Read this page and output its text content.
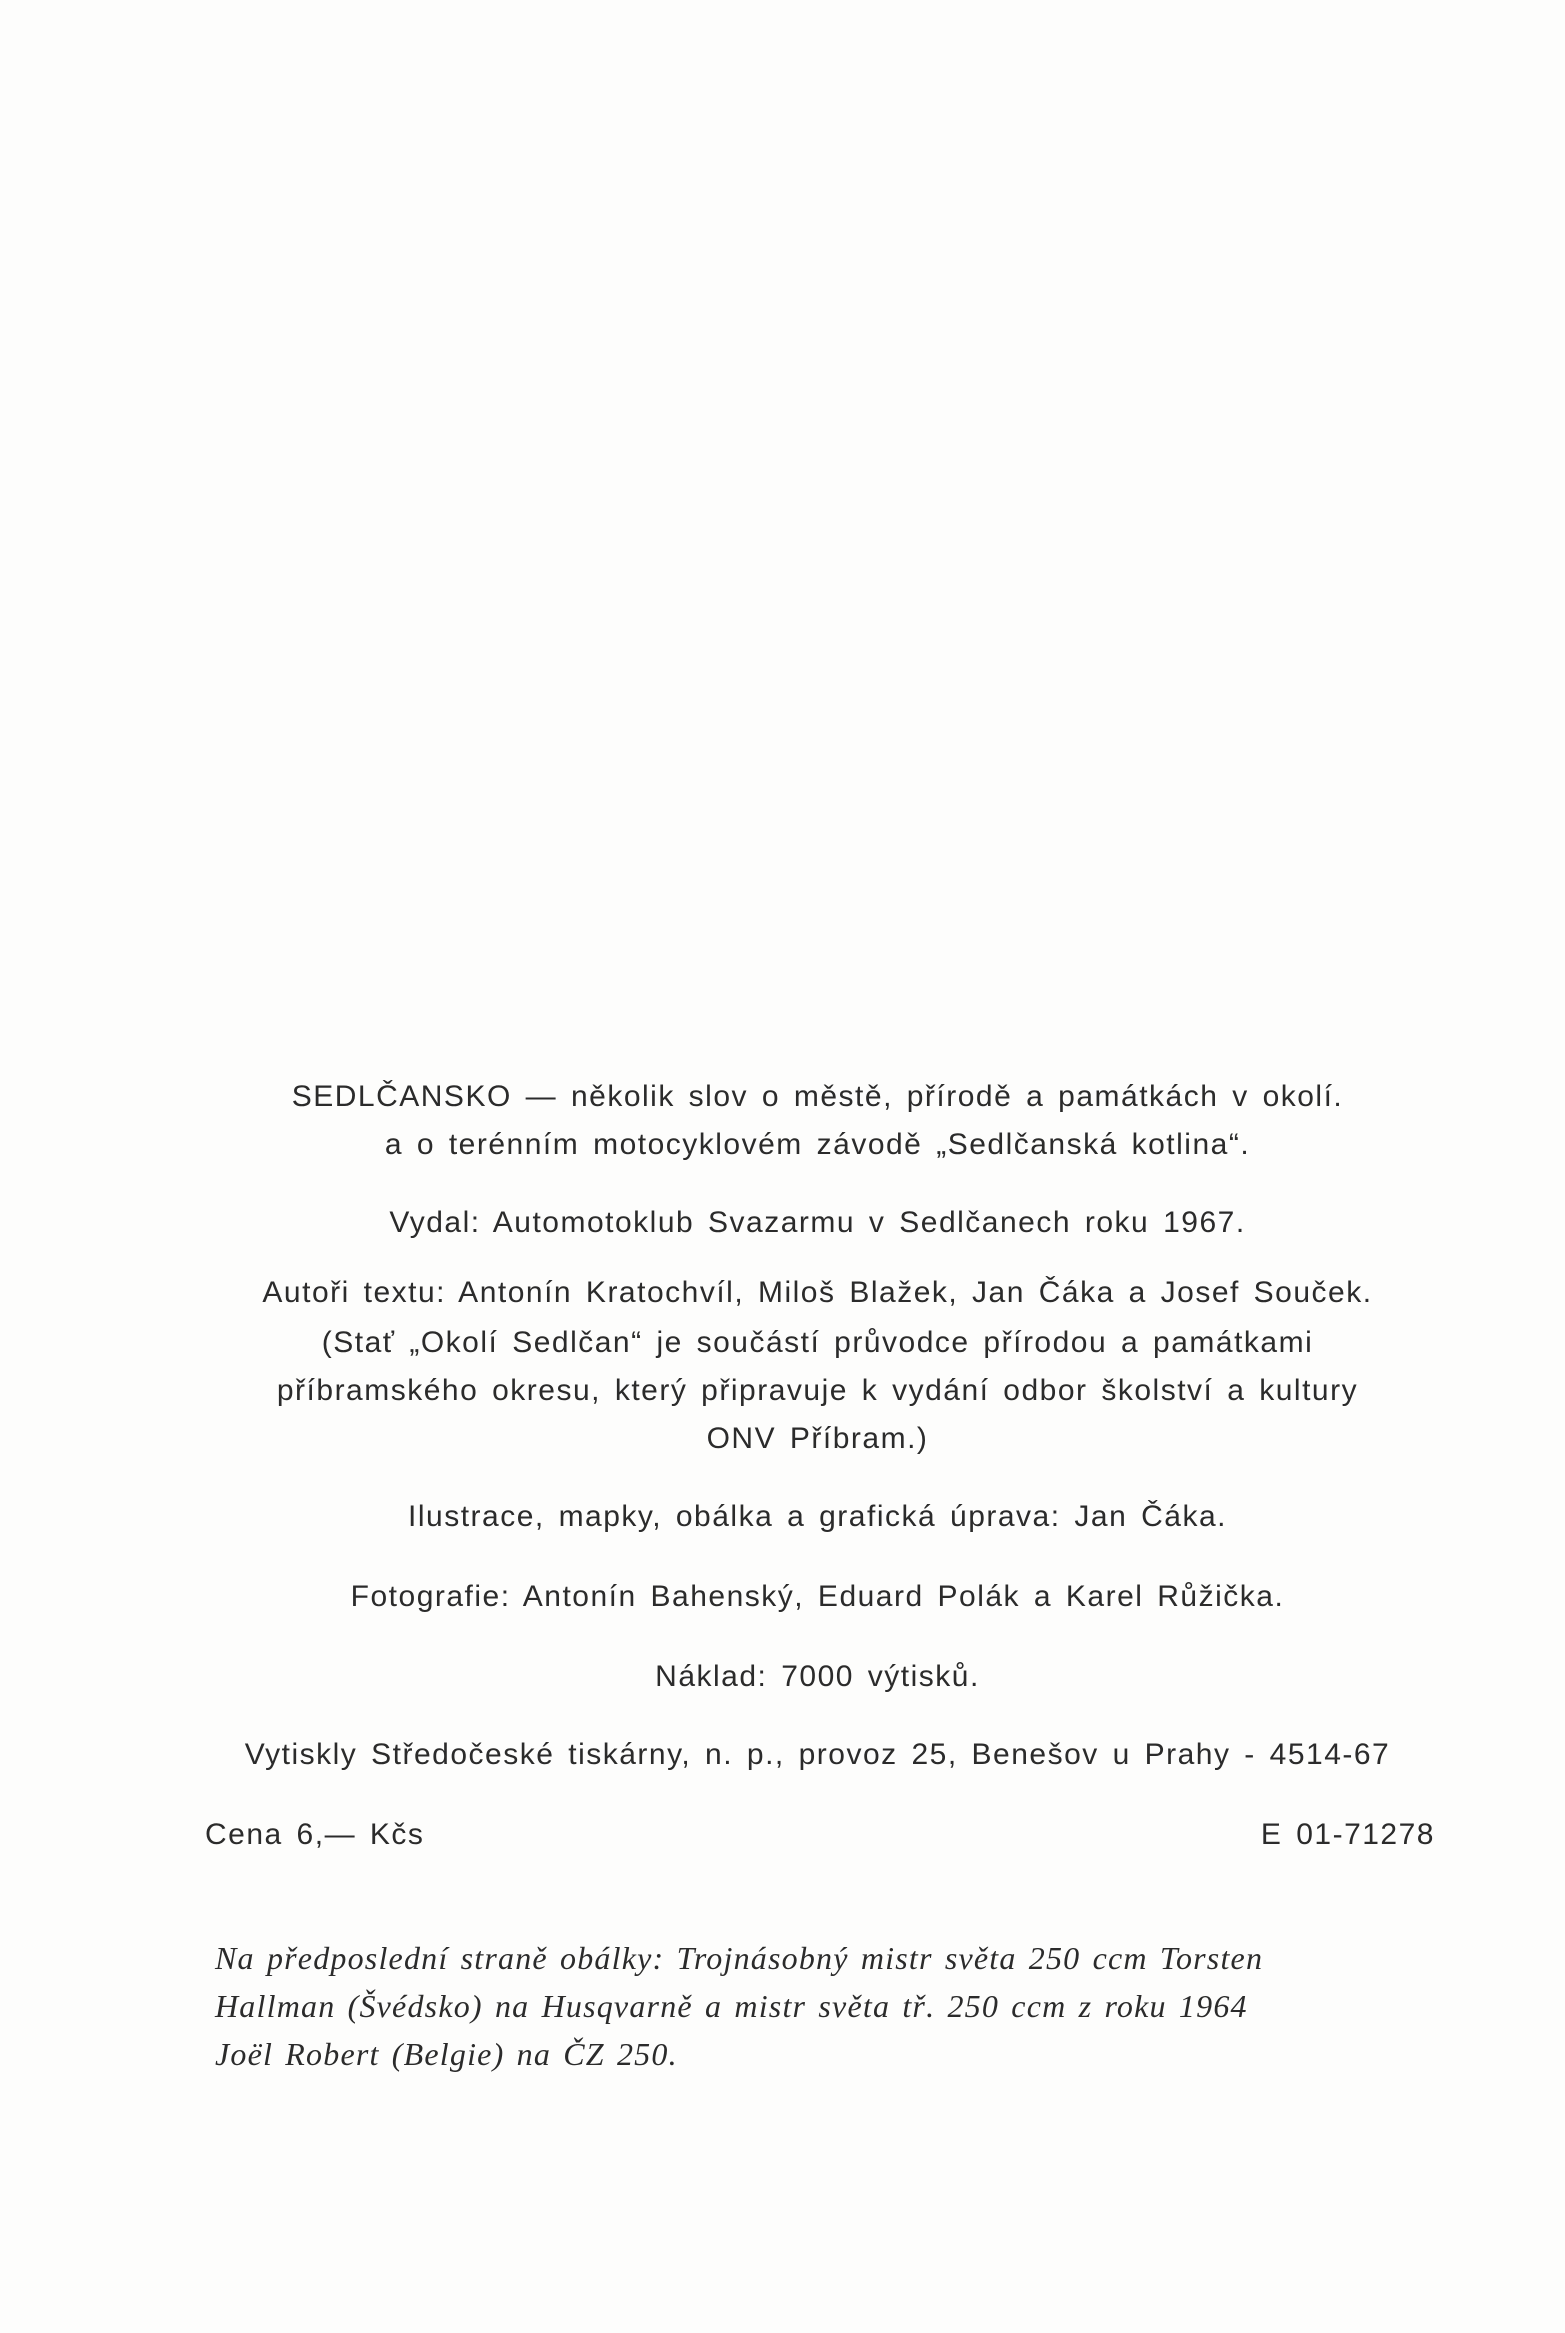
SEDLČANSKO — několik slov o městě, přírodě a památkách v okolí.
a o terénním motocyklovém závodě „Sedlčanská kotlina“.
Vydal: Automotoklub Svazarmu v Sedlčanech roku 1967.
Autoři textu: Antonín Kratochvíl, Miloš Blažek, Jan Čáka a Josef Souček.
(Stať „Okolí Sedlčan“ je součástí průvodce přírodou a památkami
příbramského okresu, který připravuje k vydání odbor školství a kultury
ONV Příbram.)
Ilustrace, mapky, obálka a grafická úprava: Jan Čáka.
Fotografie: Antonín Bahenský, Eduard Polák a Karel Růžička.
Náklad: 7000 výtisků.
Vytiskly Středočeské tiskárny, n. p., provoz 25, Benešov u Prahy - 4514-67
Cena 6,— Kčs	E 01-71278
Na předposlední straně obálky: Trojnásobný mistr světa 250 ccm Torsten
Hallman (Švédsko) na Husqvarně a mistr světa tř. 250 ccm z roku 1964
Joël Robert (Belgie) na ČZ 250.
